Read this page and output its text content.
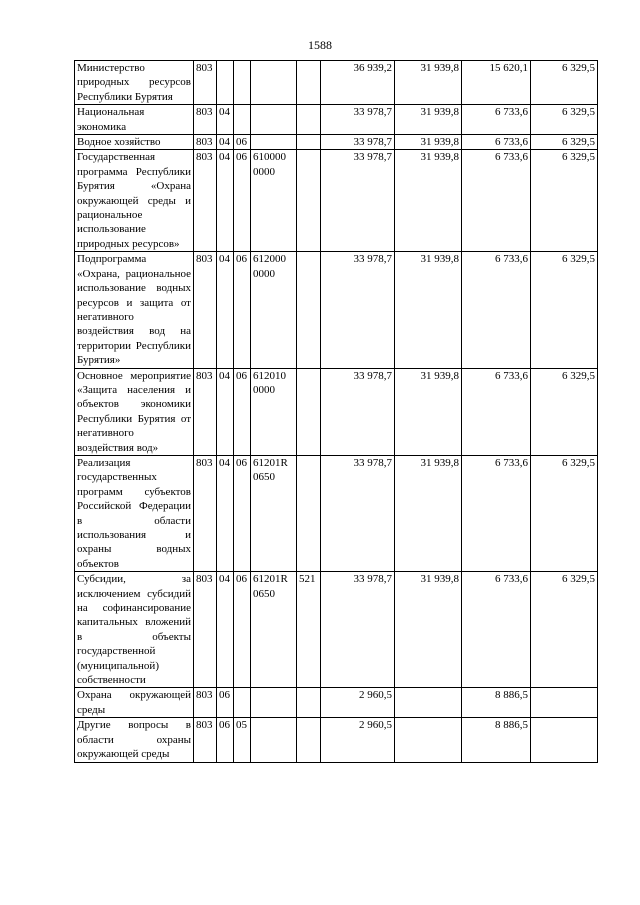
1588
Министерство природных ресурсов Республики Бурятия	803					36 939,2	31 939,8	15 620,1	6 329,5
Национальная экономика	803	04				33 978,7	31 939,8	6 733,6	6 329,5
Водное хозяйство	803	04	06			33 978,7	31 939,8	6 733,6	6 329,5
Государственная программа Республики Бурятия «Охрана окружающей среды и рациональное использование природных ресурсов»	803	04	06	610000 0000		33 978,7	31 939,8	6 733,6	6 329,5
Подпрограмма «Охрана, рациональное использование водных ресурсов и защита от негативного воздействия вод на территории Республики Бурятия»	803	04	06	612000 0000		33 978,7	31 939,8	6 733,6	6 329,5
Основное мероприятие «Защита населения и объектов экономики Республики Бурятия от негативного воздействия вод»	803	04	06	612010 0000		33 978,7	31 939,8	6 733,6	6 329,5
Реализация государственных программ субъектов Российской Федерации в области использования и охраны водных объектов	803	04	06	61201R 0650		33 978,7	31 939,8	6 733,6	6 329,5
Субсидии, за исключением субсидий на софинансирование капитальных вложений в объекты государственной (муниципальной) собственности	803	04	06	61201R 0650	521	33 978,7	31 939,8	6 733,6	6 329,5
Охрана окружающей среды	803	06				2 960,5		8 886,5	
Другие вопросы в области охраны окружающей среды	803	06	05			2 960,5		8 886,5	
